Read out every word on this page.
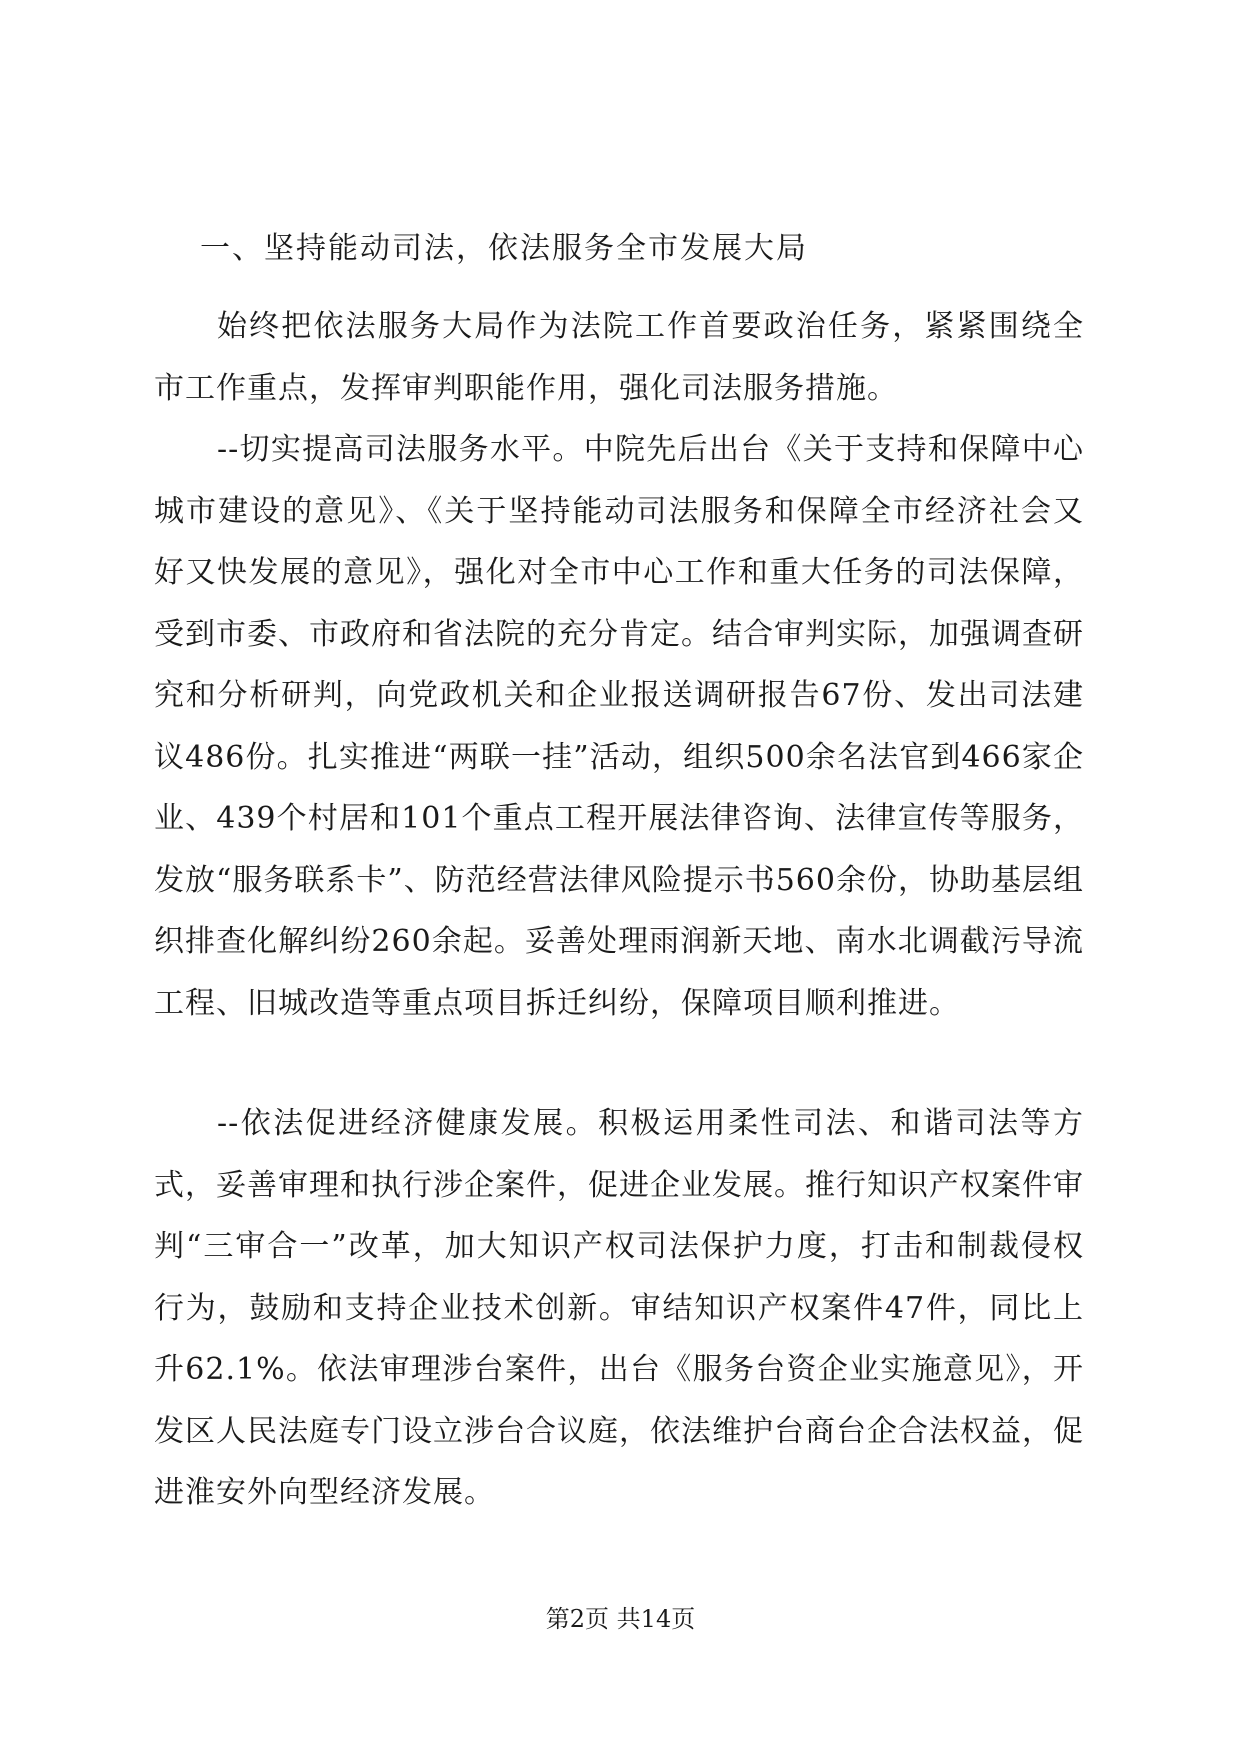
一、坚持能动司法，依法服务全市发展大局

始终把依法服务大局作为法院工作首要政治任务，紧紧围绕全市工作重点，发挥审判职能作用，强化司法服务措施。

--切实提高司法服务水平。中院先后出台《关于支持和保障中心城市建设的意见》、《关于坚持能动司法服务和保障全市经济社会又好又快发展的意见》，强化对全市中心工作和重大任务的司法保障，受到市委、市政府和省法院的充分肯定。结合审判实际，加强调查研究和分析研判，向党政机关和企业报送调研报告67份、发出司法建议486份。扎实推进“两联一挂”活动，组织500余名法官到466家企业、439个村居和101个重点工程开展法律咨询、法律宣传等服务，发放“服务联系卡”、防范经营法律风险提示书560余份，协助基层组织排查化解纠纷260余起。妥善处理雨润新天地、南水北调截污导流工程、旧城改造等重点项目拆迁纠纷，保障项目顺利推进。

--依法促进经济健康发展。积极运用柔性司法、和谐司法等方式，妥善审理和执行涉企案件，促进企业发展。推行知识产权案件审判“三审合一”改革，加大知识产权司法保护力度，打击和制裁侵权行为，鼓励和支持企业技术创新。审结知识产权案件47件，同比上升62.1%。依法审理涉台案件，出台《服务台资企业实施意见》，开发区人民法庭专门设立涉台合议庭，依法维护台商台企合法权益，促进淮安外向型经济发展。

第2页 共14页
